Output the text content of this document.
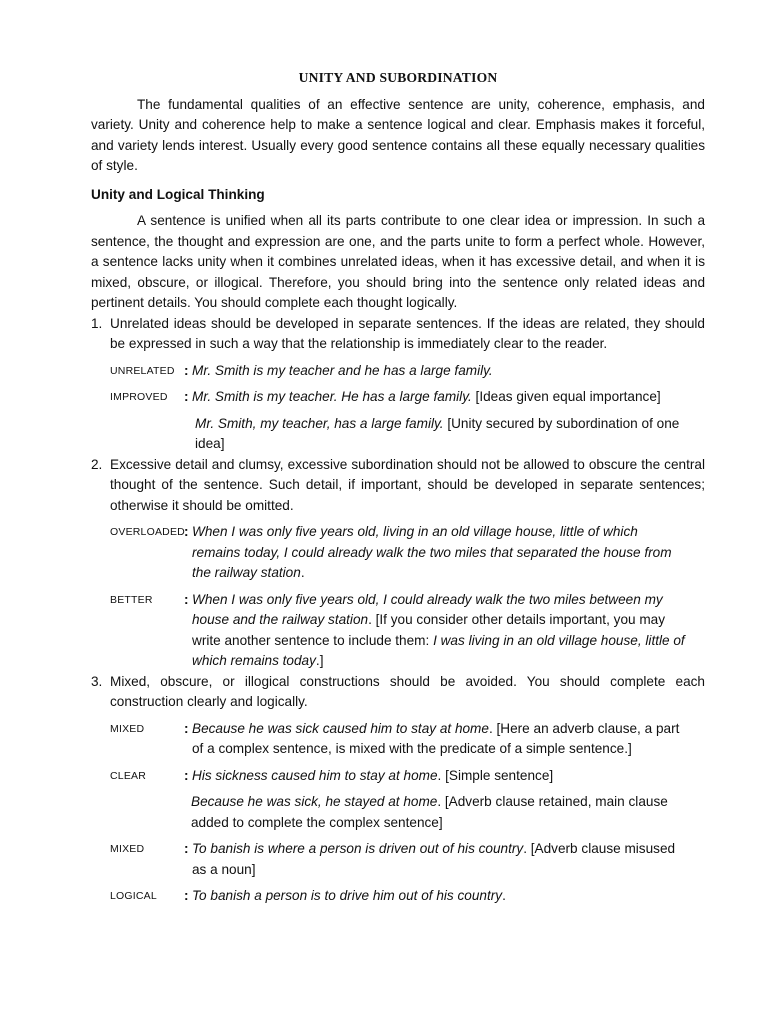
UNITY AND SUBORDINATION

The fundamental qualities of an effective sentence are unity, coherence, emphasis, and variety. Unity and coherence help to make a sentence logical and clear. Emphasis makes it forceful, and variety lends interest. Usually every good sentence contains all these equally necessary qualities of style.

Unity and Logical Thinking

A sentence is unified when all its parts contribute to one clear idea or impression. In such a sentence, the thought and expression are one, and the parts unite to form a perfect whole. However, a sentence lacks unity when it combines unrelated ideas, when it has excessive detail, and when it is mixed, obscure, or illogical. Therefore, you should bring into the sentence only related ideas and pertinent details. You should complete each thought logically.

1. Unrelated ideas should be developed in separate sentences. If the ideas are related, they should be expressed in such a way that the relationship is immediately clear to the reader.
UNRELATED : Mr. Smith is my teacher and he has a large family.
IMPROVED	: Mr. Smith is my teacher. He has a large family. [Ideas given equal importance]
Mr. Smith, my teacher, has a large family. [Unity secured by subordination of one idea]
2. Excessive detail and clumsy, excessive subordination should not be allowed to obscure the central thought of the sentence. Such detail, if important, should be developed in separate sentences; otherwise it should be omitted.
OVERLOADED : When I was only five years old, living in an old village house, little of which remains today, I could already walk the two miles that separated the house from the railway station.
BETTER	: When I was only five years old, I could already walk the two miles between my house and the railway station. [If you consider other details important, you may write another sentence to include them: I was living in an old village house, little of which remains today.]
3. Mixed, obscure, or illogical constructions should be avoided. You should complete each construction clearly and logically.
MIXED	: Because he was sick caused him to stay at home. [Here an adverb clause, a part of a complex sentence, is mixed with the predicate of a simple sentence.]
CLEAR	: His sickness caused him to stay at home. [Simple sentence]
Because he was sick, he stayed at home. [Adverb clause retained, main clause added to complete the complex sentence]
MIXED	: To banish is where a person is driven out of his country. [Adverb clause misused as a noun]
LOGICAL	: To banish a person is to drive him out of his country.
